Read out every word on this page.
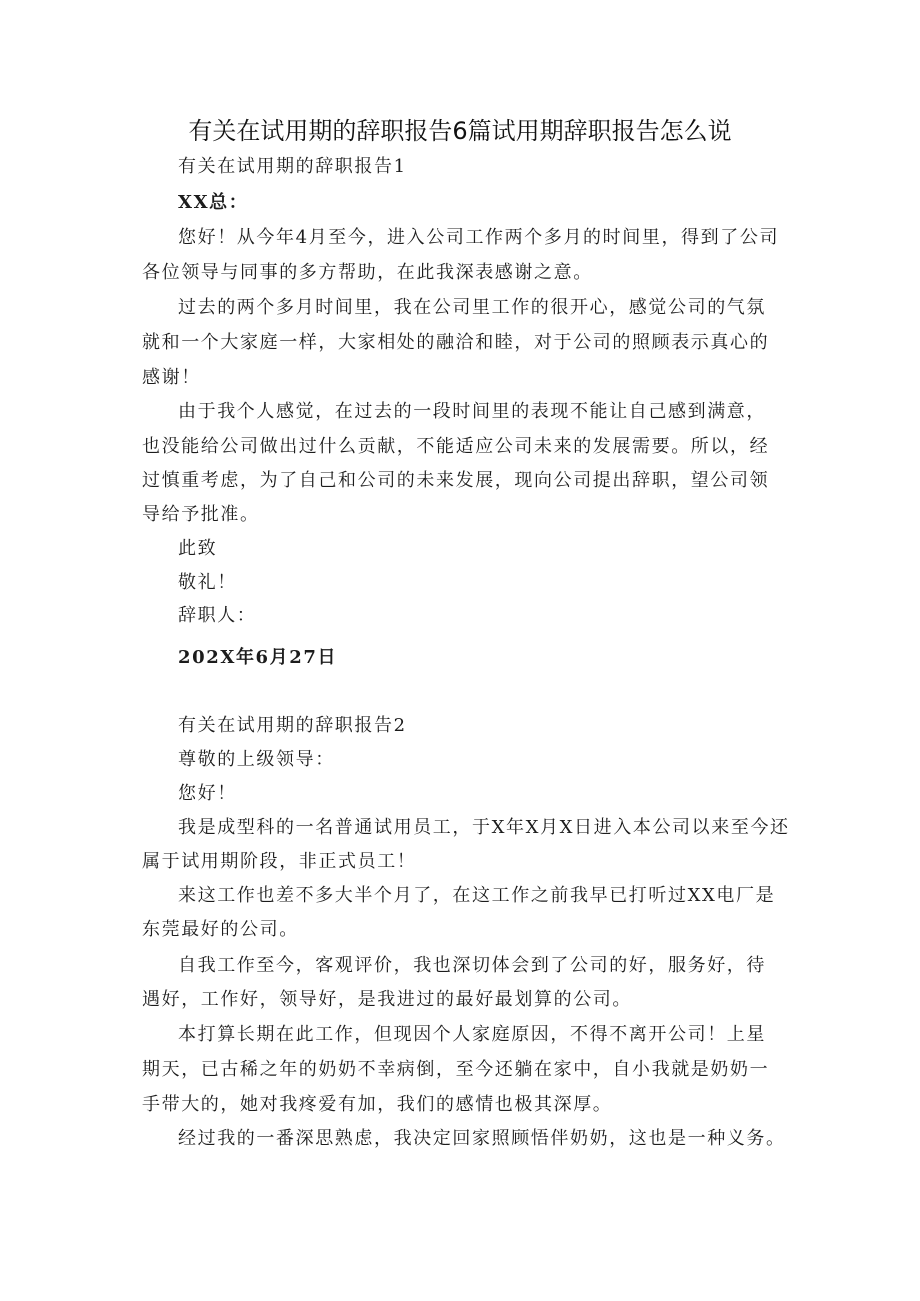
有关在试用期的辞职报告6篇试用期辞职报告怎么说
有关在试用期的辞职报告1
XX总：
您好！从今年4月至今，进入公司工作两个多月的时间里，得到了公司
各位领导与同事的多方帮助，在此我深表感谢之意。
过去的两个多月时间里，我在公司里工作的很开心，感觉公司的气氛
就和一个大家庭一样，大家相处的融洽和睦，对于公司的照顾表示真心的
感谢！
由于我个人感觉，在过去的一段时间里的表现不能让自己感到满意，
也没能给公司做出过什么贡献，不能适应公司未来的发展需要。所以，经
过慎重考虑，为了自己和公司的未来发展，现向公司提出辞职，望公司领
导给予批准。
此致
敬礼！
辞职人：
202X年6月27日
有关在试用期的辞职报告2
尊敬的上级领导：
您好！
我是成型科的一名普通试用员工，于X年X月X日进入本公司以来至今还
属于试用期阶段，非正式员工！
来这工作也差不多大半个月了，在这工作之前我早已打听过XX电厂是
东莞最好的公司。
自我工作至今，客观评价，我也深切体会到了公司的好，服务好，待
遇好，工作好，领导好，是我进过的最好最划算的公司。
本打算长期在此工作，但现因个人家庭原因，不得不离开公司！上星
期天，已古稀之年的奶奶不幸病倒，至今还躺在家中，自小我就是奶奶一
手带大的，她对我疼爱有加，我们的感情也极其深厚。
经过我的一番深思熟虑，我决定回家照顾悟伴奶奶，这也是一种义务。
